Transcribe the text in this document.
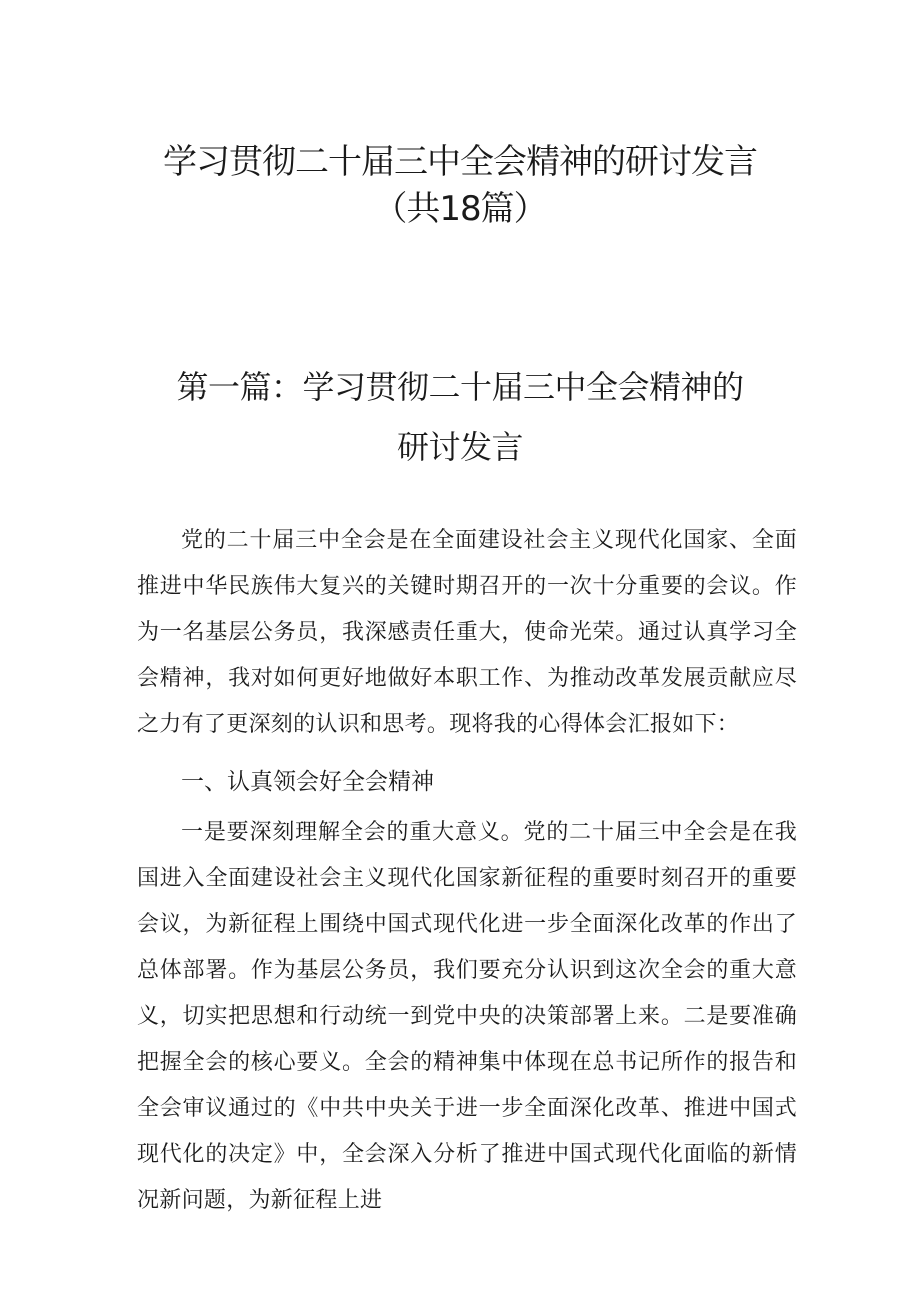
学习贯彻二十届三中全会精神的研讨发言
（共18篇）
第一篇：学习贯彻二十届三中全会精神的
研讨发言

党的二十届三中全会是在全面建设社会主义现代化国家、全面推进中华民族伟大复兴的关键时期召开的一次十分重要的会议。作为一名基层公务员，我深感责任重大，使命光荣。通过认真学习全会精神，我对如何更好地做好本职工作、为推动改革发展贡献应尽之力有了更深刻的认识和思考。现将我的心得体会汇报如下：

一、认真领会好全会精神

一是要深刻理解全会的重大意义。党的二十届三中全会是在我国进入全面建设社会主义现代化国家新征程的重要时刻召开的重要会议，为新征程上围绕中国式现代化进一步全面深化改革的作出了总体部署。作为基层公务员，我们要充分认识到这次全会的重大意义，切实把思想和行动统一到党中央的决策部署上来。二是要准确把握全会的核心要义。全会的精神集中体现在总书记所作的报告和全会审议通过的《中共中央关于进一步全面深化改革、推进中国式现代化的决定》中，全会深入分析了推进中国式现代化面临的新情况新问题，为新征程上进
